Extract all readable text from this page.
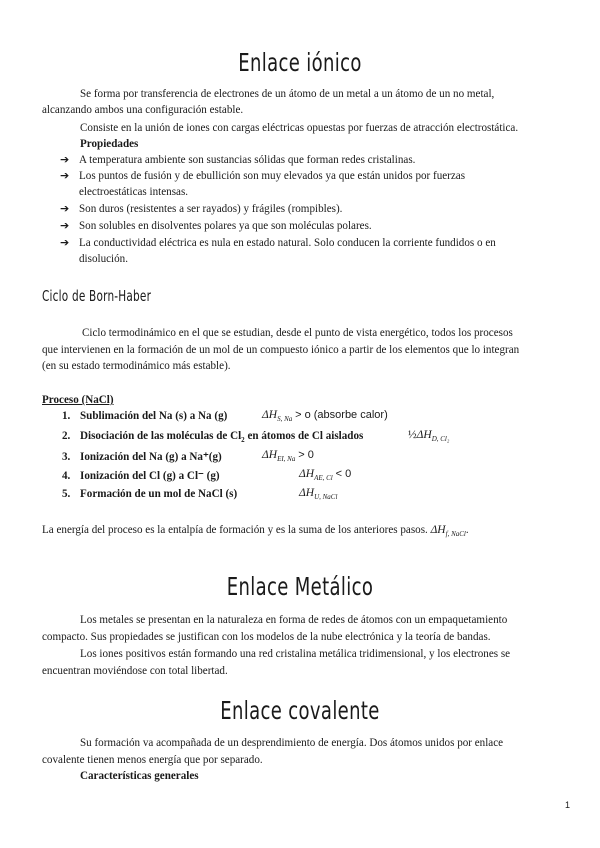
Enlace iónico
Se forma por transferencia de electrones de un átomo de un metal a un átomo de un no metal,
alcanzando ambos una configuración estable.
Consiste en la unión de iones con cargas eléctricas opuestas por fuerzas de atracción electrostática.
Propiedades
➔ A temperatura ambiente son sustancias sólidas que forman redes cristalinas.
➔ Los puntos de fusión y de ebullición son muy elevados ya que están unidos por fuerzas
electroestáticas intensas.
➔ Son duros (resistentes a ser rayados) y frágiles (rompibles).
➔ Son solubles en disolventes polares ya que son moléculas polares.
➔ La conductividad eléctrica es nula en estado natural. Solo conducen la corriente fundidos o en
disolución.
Ciclo de Born-Haber
Ciclo termodinámico en el que se estudian, desde el punto de vista energético, todos los procesos
que intervienen en la formación de un mol de un compuesto iónico a partir de los elementos que lo integran
(en su estado termodinámico más estable).
Proceso (NaCl)
1. Sublimación del Na (s) a Na (g)	$\Delta H_{S, Na} > o$ (absorbe calor)
2. Disociación de las moléculas de $Cl_2$ en átomos de Cl aislados	$\frac{1}{2}\Delta H_{D, Cl_2}$
3. Ionización del Na (g) a Na⁺(g)	$\Delta H_{EI, Na} > 0$
4. Ionización del Cl (g) a Cl⁻ (g)	$\Delta H_{AE, Cl} < 0$
5. Formación de un mol de NaCl (s)	$\Delta H_{U, NaCl}$
La energía del proceso es la entalpía de formación y es la suma de los anteriores pasos. $\Delta H_{f, NaCl}$.
Enlace Metálico
Los metales se presentan en la naturaleza en forma de redes de átomos con un empaquetamiento
compacto. Sus propiedades se justifican con los modelos de la nube electrónica y la teoría de bandas.
Los iones positivos están formando una red cristalina metálica tridimensional, y los electrones se
encuentran moviéndose con total libertad.
Enlace covalente
Su formación va acompañada de un desprendimiento de energía. Dos átomos unidos por enlace
covalente tienen menos energía que por separado.
Características generales
1
